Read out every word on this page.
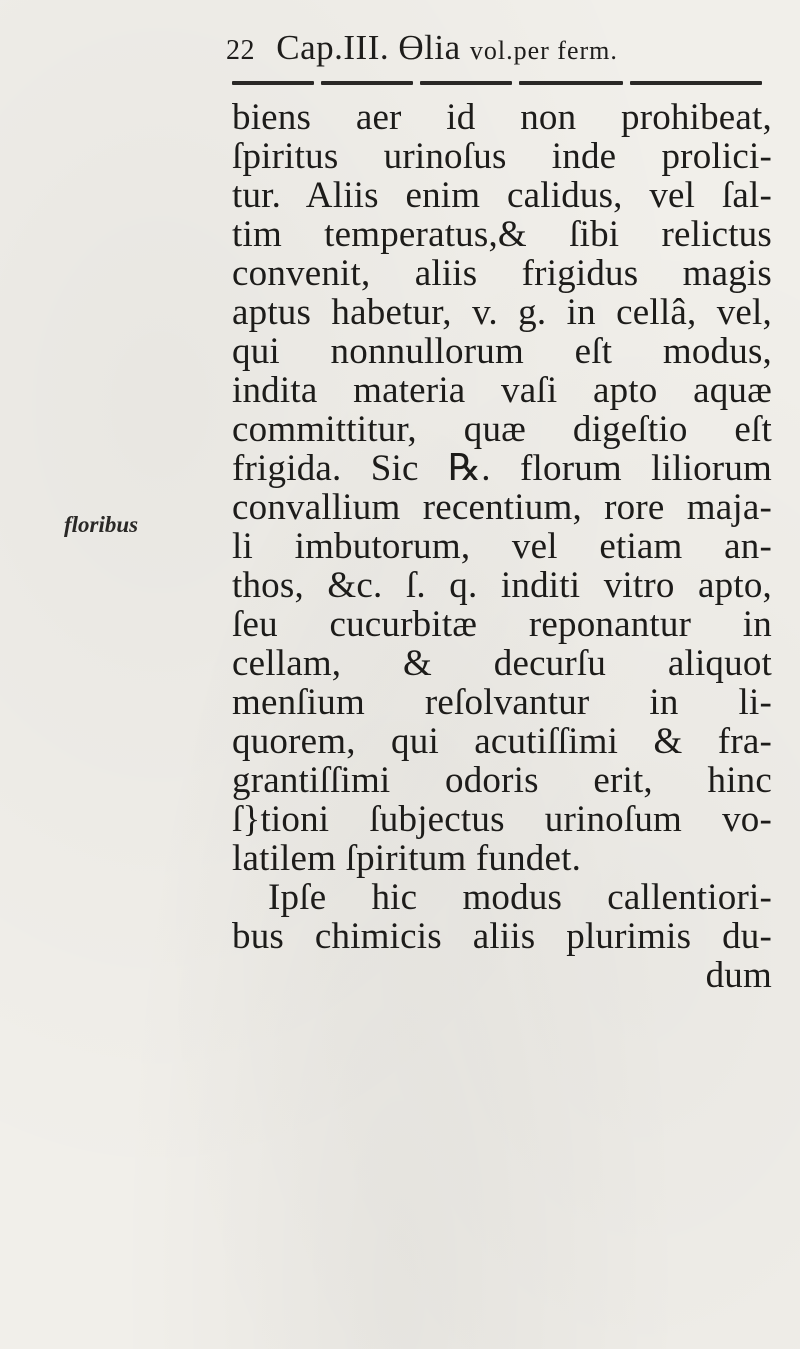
22 Cap.III. ϴlia vol.per ferm.
floribus
biens aer id non prohibeat,
ſpiritus urinoſus inde prolici-
tur. Aliis enim calidus, vel ſal-
tim temperatus,& ſibi relictus
convenit, aliis frigidus magis
aptus habetur, v. g. in cellâ, vel,
qui nonnullorum eſt modus,
indita materia vaſi apto aquæ
committitur, quæ digeſtio eſt
frigida. Sic ℞. florum liliorum
convallium recentium, rore maja-
li imbutorum, vel etiam an-
thos, &c. ſ. q. inditi vitro apto,
ſeu cucurbitæ reponantur in
cellam, & decurſu aliquot
menſium reſolvantur in li-
quorem, qui acutiſſimi & fra-
grantiſſimi odoris erit, hinc
ſ}tioni ſubjectus urinoſum vo-
latilem ſpiritum fundet.
Ipſe hic modus callentiori-
bus chimicis aliis plurimis du-
dum
